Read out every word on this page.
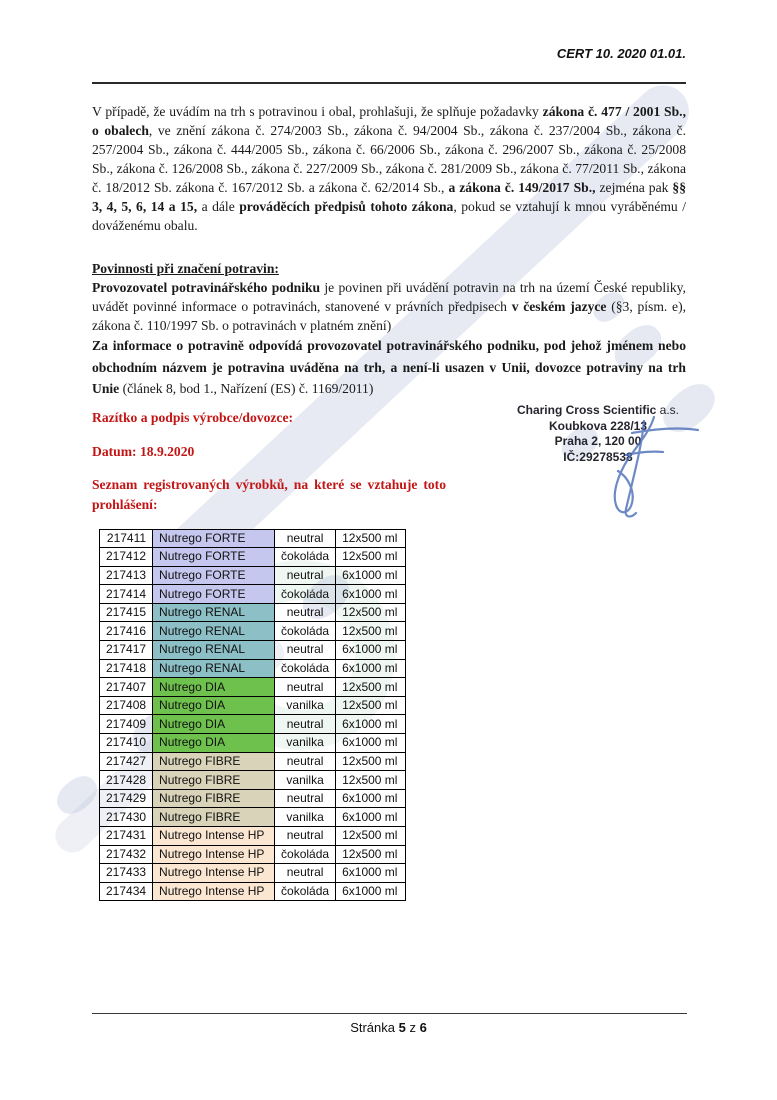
CERT 10. 2020 01.01.

V případě, že uvádím na trh s potravinou i obal, prohlašuji, že splňuje požadavky zákona č. 477 / 2001 Sb., o obalech, ve znění zákona č. 274/2003 Sb., zákona č. 94/2004 Sb., zákona č. 237/2004 Sb., zákona č. 257/2004 Sb., zákona č. 444/2005 Sb., zákona č. 66/2006 Sb., zákona č. 296/2007 Sb., zákona č. 25/2008 Sb., zákona č. 126/2008 Sb., zákona č. 227/2009 Sb., zákona č. 281/2009 Sb., zákona č. 77/2011 Sb., zákona č. 18/2012 Sb. zákona č. 167/2012 Sb. a zákona č. 62/2014 Sb., a zákona č. 149/2017 Sb., zejména pak §§ 3, 4, 5, 6, 14 a 15, a dále prováděcích předpisů tohoto zákona, pokud se vztahují k mnou vyráběnému / dováženému obalu.

Povinnosti při značení potravin:

Provozovatel potravinářského podniku je povinen při uvádění potravin na trh na území České republiky, uvádět povinné informace o potravinách, stanovené v právních předpisech v českém jazyce (§3, písm. e), zákona č. 110/1997 Sb. o potravinách v platném znění)

Za informace o potravině odpovídá provozovatel potravinářského podniku, pod jehož jménem nebo obchodním názvem je potravina uváděna na trh, a není-li usazen v Unii, dovozce potraviny na trh Unie (článek 8, bod 1., Nařízení (ES) č. 1169/2011)

Razítko a podpis výrobce/dovozce:
Datum: 18.9.2020
Seznam registrovaných výrobků, na které se vztahuje toto
prohlášení:
217411	Nutrego FORTE	neutral	12x500 ml
217412	Nutrego FORTE	čokoláda	12x500 ml
217413	Nutrego FORTE	neutral	6x1000 ml
217414	Nutrego FORTE	čokoláda	6x1000 ml
217415	Nutrego RENAL	neutral	12x500 ml
217416	Nutrego RENAL	čokoláda	12x500 ml
217417	Nutrego RENAL	neutral	6x1000 ml
217418	Nutrego RENAL	čokoláda	6x1000 ml
217407	Nutrego DIA	neutral	12x500 ml
217408	Nutrego DIA	vanilka	12x500 ml
217409	Nutrego DIA	neutral	6x1000 ml
217410	Nutrego DIA	vanilka	6x1000 ml
217427	Nutrego FIBRE	neutral	12x500 ml
217428	Nutrego FIBRE	vanilka	12x500 ml
217429	Nutrego FIBRE	neutral	6x1000 ml
217430	Nutrego FIBRE	vanilka	6x1000 ml
217431	Nutrego Intense HP	neutral	12x500 ml
217432	Nutrego Intense HP	čokoláda	12x500 ml
217433	Nutrego Intense HP	neutral	6x1000 ml
217434	Nutrego Intense HP	čokoláda	6x1000 ml
Charing Cross Scientific a.s.
Koubkova 228/13
Praha 2, 120 00
IČ:29278538
Stránka 5 z 6
